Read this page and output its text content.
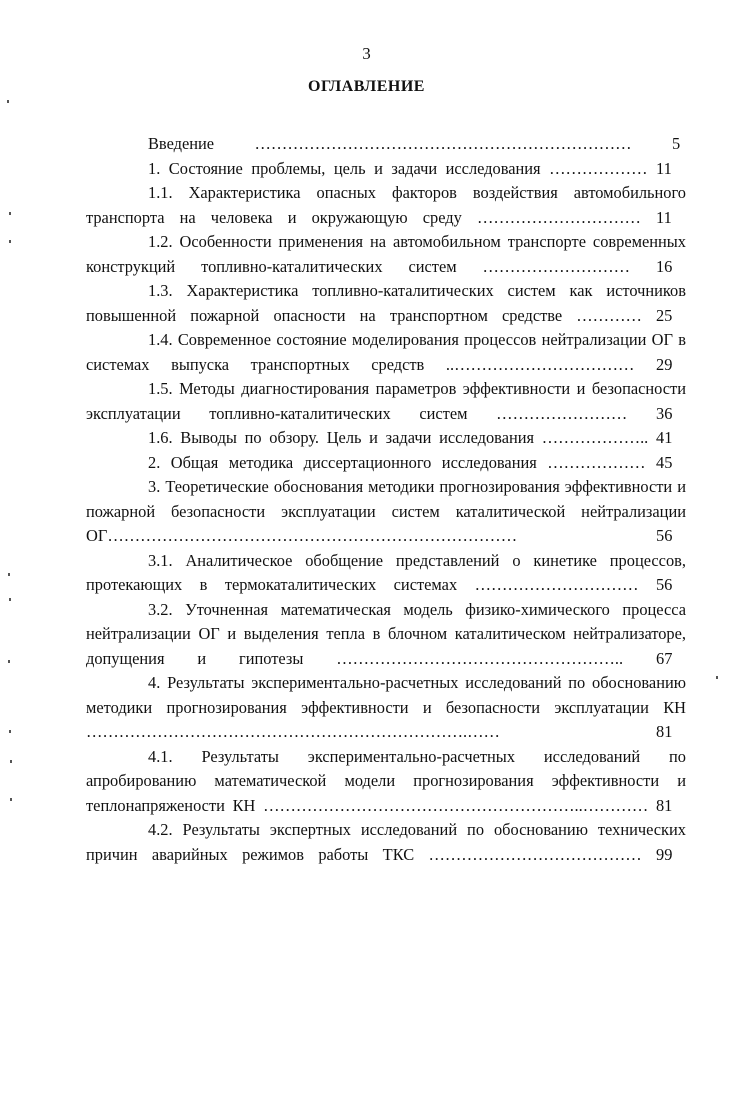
3
ОГЛАВЛЕНИЕ

Введение …………………………………………………………… 5

1. Состояние проблемы, цель и задачи исследования ……………… 11

1.1. Характеристика опасных факторов воздействия автомобильного транспорта на человека и окружающую среду ………………………… 11

1.2. Особенности применения на автомобильном транспорте современных конструкций топливно-каталитических систем ……………………… 16

1.3. Характеристика топливно-каталитических систем как источников повышенной пожарной опасности на транспортном средстве ………… 25

1.4. Современное состояние моделирования процессов нейтрализации ОГ в системах выпуска транспортных средств ..…………………………… 29

1.5. Методы диагностирования параметров эффективности и безопасности эксплуатации топливно-каталитических систем …………………… 36

1.6. Выводы по обзору. Цель и задачи исследования ……………….. 41

2. Общая методика диссертационного исследования ……………… 45

3. Теоретические обоснования методики прогнозирования эффективности и пожарной безопасности эксплуатации систем каталитической нейтрализации ОГ…………………………………………………………………	56

3.1. Аналитическое обобщение представлений о кинетике процессов, протекающих в термокаталитических системах ………………………… 56

3.2. Уточненная математическая модель физико-химического процесса нейтрализации ОГ и выделения тепла в блочном каталитическом нейтрализаторе, допущения и гипотезы …………………………………………….. 67

4. Результаты экспериментально-расчетных исследований по обоснованию методики прогнозирования эффективности и безопасности эксплуатации КН …………………………………………………………….……	81

4.1. Результаты экспериментально-расчетных исследований по апробированию математической модели прогнозирования эффективности и теплонапряжености КН …………………………………………………..………… 81

4.2. Результаты экспертных исследований по обоснованию технических причин аварийных режимов работы ТКС ………………………………… 99
